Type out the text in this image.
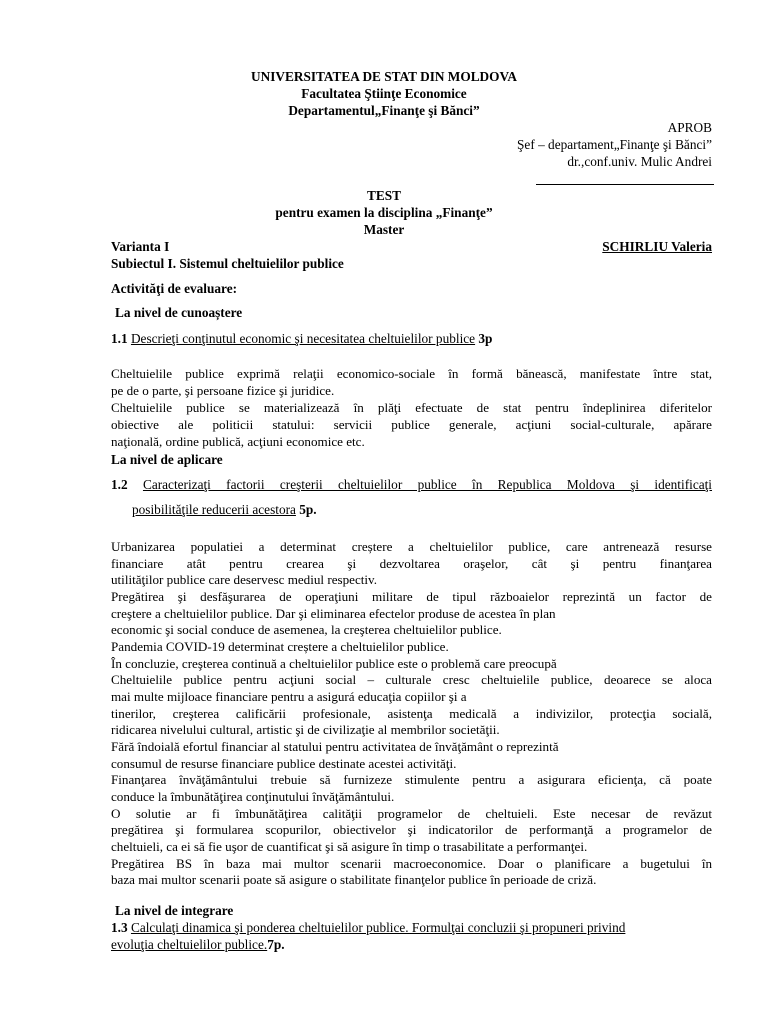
UNIVERSITATEA DE STAT DIN MOLDOVA
Facultatea Ştiinţe Economice
Departamentul„Finanţe şi Bănci”
APROB
Şef – departament„Finanţe şi Bănci”
dr.,conf.univ. Mulic Andrei
TEST
pentru examen la disciplina „Finanţe”
Master
Varianta I	SCHIRLIU Valeria
Subiectul I. Sistemul cheltuielilor publice
Activităţi de evaluare:
La nivel de cunoaștere
1.1 Descrieţi conţinutul economic şi necesitatea cheltuielilor publice 3p
Cheltuielile publice exprimă relaţii economico-sociale în formă bănească, manifestate între stat,
pe de o parte, şi persoane fizice şi juridice.
Cheltuielile publice se materializează în plăţi efectuate de stat pentru îndeplinirea diferitelor
obiective ale politicii statului: servicii publice generale, acţiuni social-culturale, apărare
naţională, ordine publică, acţiuni economice etc.
La nivel de aplicare
1.2 Caracterizaţi factorii creşterii cheltuielilor publice în Republica Moldova şi identificaţi
posibilităţile reducerii acestora 5p.
Urbanizarea populatiei a determinat creștere a cheltuielilor publice, care antrenează resurse
financiare atât pentru crearea şi dezvoltarea oraşelor, cât şi pentru finanţarea
utilităţilor publice care deservesc mediul respectiv.
Pregătirea şi desfăşurarea de operaţiuni militare de tipul războaielor reprezintă un factor de
creştere a cheltuielilor publice. Dar şi eliminarea efectelor produse de acestea în plan
economic şi social conduce de asemenea, la creşterea cheltuielilor publice.
Pandemia COVID-19 determinat creștere a cheltuielilor publice.
În concluzie, creşterea continuă a cheltuielilor publice este o problemă care preocupă
Cheltuielile publice pentru acţiuni social – culturale cresc cheltuielile publice, deoarece se aloca
mai multe mijloace financiare pentru a asigurá educaţia copiilor şi a
tinerilor, creşterea calificării profesionale, asistenţa medicală a indivizilor, protecţia socială,
ridicarea nivelului cultural, artistic şi de civilizaţie al membrilor societăţii.
Fără îndoială efortul financiar al statului pentru activitatea de învăţământ o reprezintă
consumul de resurse financiare publice destinate acestei activităţi.
Finanţarea învăţământului trebuie să furnizeze stimulente pentru a asigurara eficienţa, că poate
conduce la îmbunătăţirea conţinutului învăţământului.
O solutie ar fi îmbunătăţirea calităţii programelor de cheltuieli. Este necesar de revăzut
pregătirea şi formularea scopurilor, obiectivelor şi indicatorilor de performanţă a programelor de
cheltuieli, ca ei să fie uşor de cuantificat şi să asigure în timp o trasabilitate a performanţei.
Pregătirea BS în baza mai multor scenarii macroeconomice. Doar o planificare a bugetului în
baza mai multor scenarii poate să asigure o stabilitate finanţelor publice în perioade de criză.
La nivel de integrare
1.3 Calculaţi dinamica şi ponderea cheltuielilor publice. Formulţai concluzii şi propuneri privind
evoluţia cheltuielilor publice.7p.
